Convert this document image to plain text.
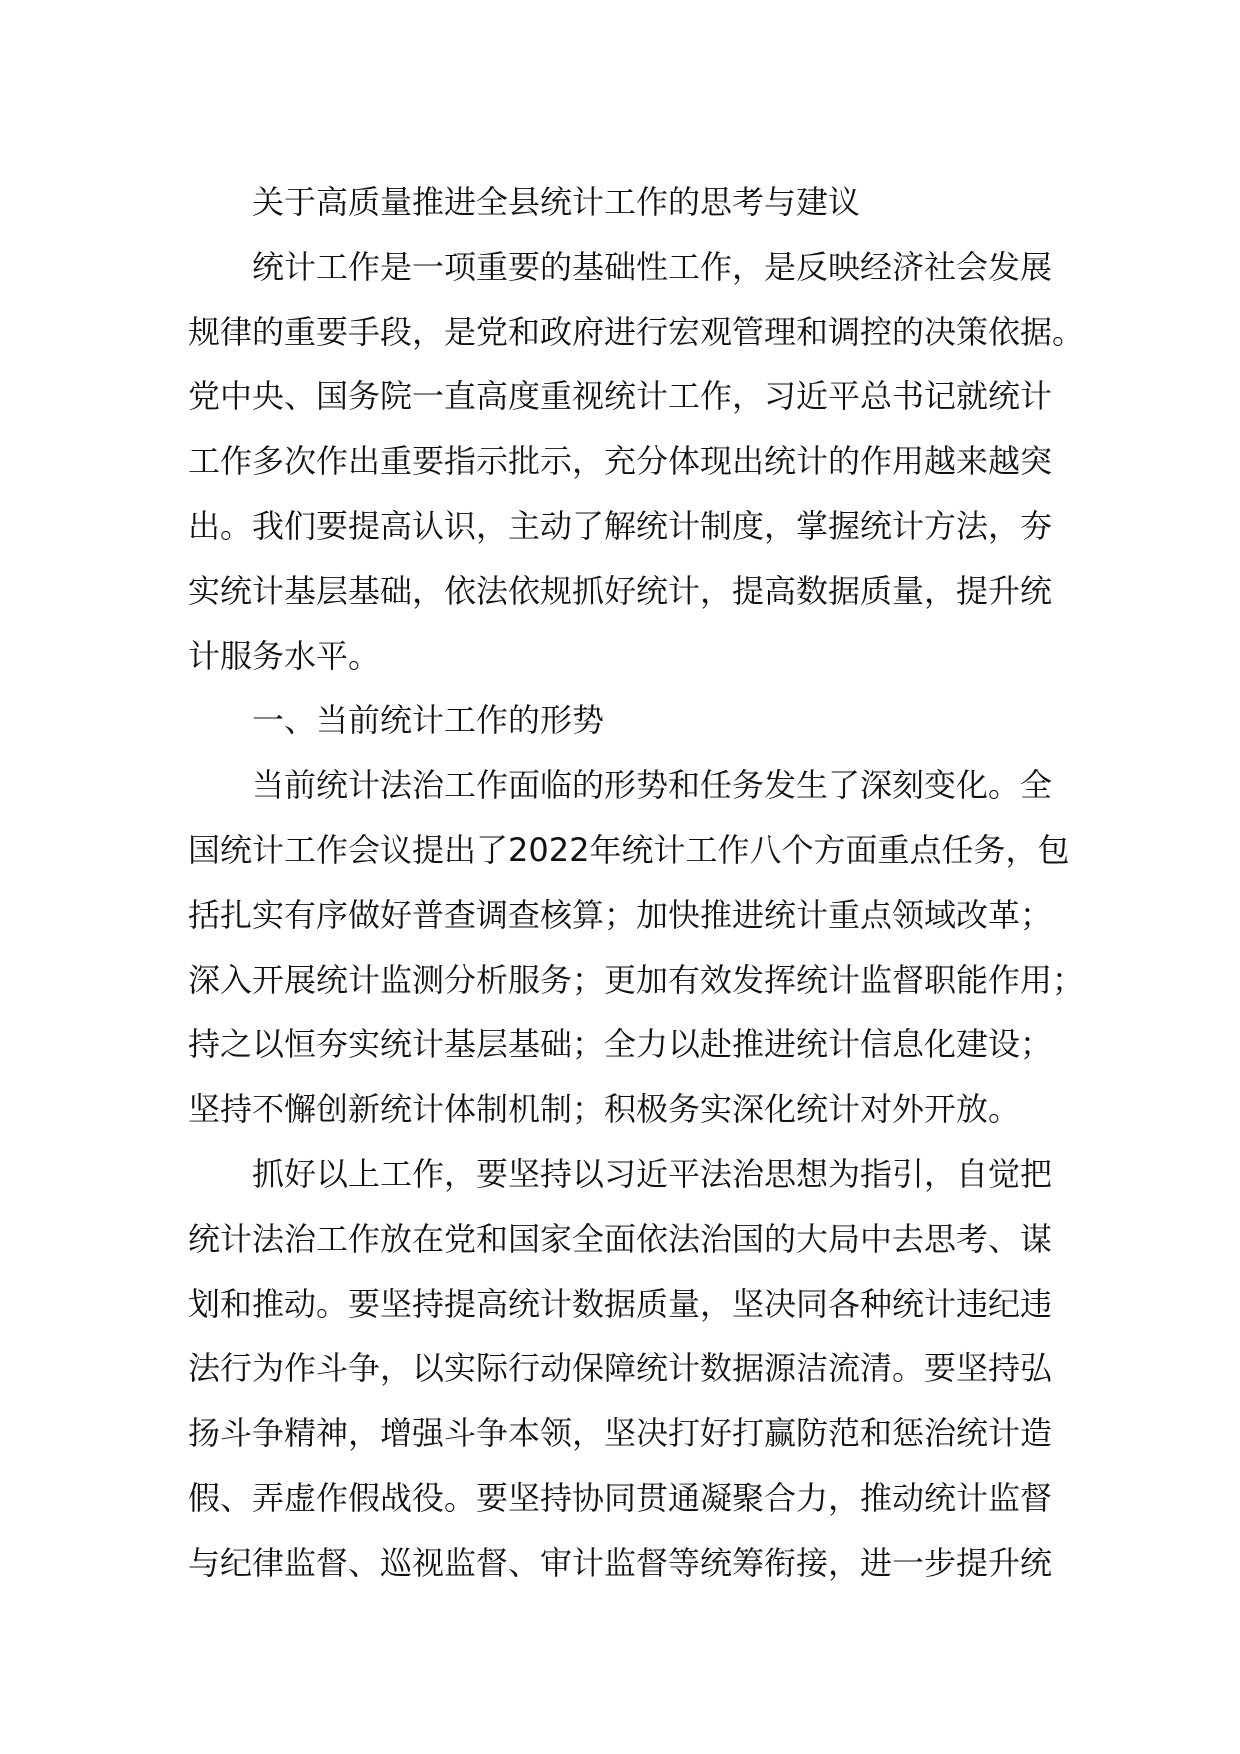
关于高质量推进全县统计工作的思考与建议
统计工作是一项重要的基础性工作，是反映经济社会发展
规律的重要手段，是党和政府进行宏观管理和调控的决策依据。
党中央、国务院一直高度重视统计工作，习近平总书记就统计
工作多次作出重要指示批示，充分体现出统计的作用越来越突
出。我们要提高认识，主动了解统计制度，掌握统计方法，夯
实统计基层基础，依法依规抓好统计，提高数据质量，提升统
计服务水平。
一、当前统计工作的形势
当前统计法治工作面临的形势和任务发生了深刻变化。全
国统计工作会议提出了2022年统计工作八个方面重点任务，包
括扎实有序做好普查调查核算；加快推进统计重点领域改革；
深入开展统计监测分析服务；更加有效发挥统计监督职能作用；
持之以恒夯实统计基层基础；全力以赴推进统计信息化建设；
坚持不懈创新统计体制机制；积极务实深化统计对外开放。
抓好以上工作，要坚持以习近平法治思想为指引，自觉把
统计法治工作放在党和国家全面依法治国的大局中去思考、谋
划和推动。要坚持提高统计数据质量，坚决同各种统计违纪违
法行为作斗争，以实际行动保障统计数据源洁流清。要坚持弘
扬斗争精神，增强斗争本领，坚决打好打赢防范和惩治统计造
假、弄虚作假战役。要坚持协同贯通凝聚合力，推动统计监督
与纪律监督、巡视监督、审计监督等统筹衔接，进一步提升统
